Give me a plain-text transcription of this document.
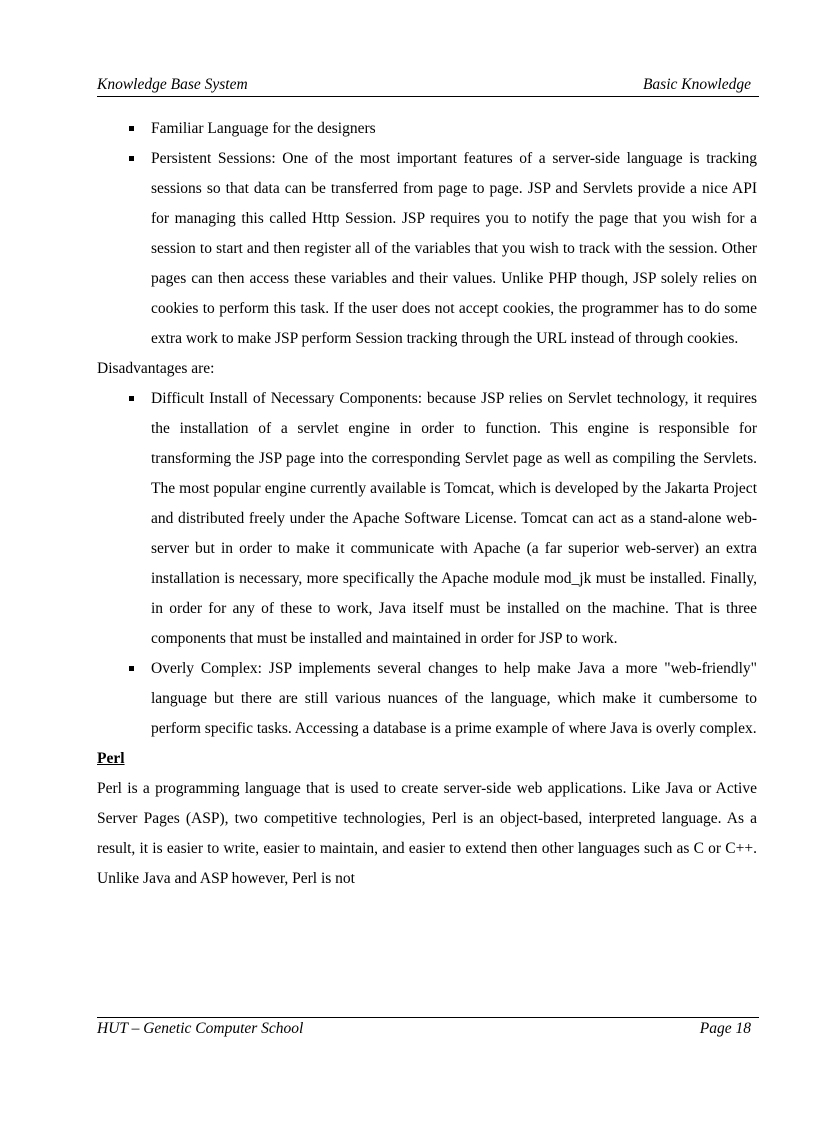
Knowledge Base System	Basic Knowledge
Familiar Language for the designers
Persistent Sessions: One of the most important features of a server-side language is tracking sessions so that data can be transferred from page to page. JSP and Servlets provide a nice API for managing this called Http Session. JSP requires you to notify the page that you wish for a session to start and then register all of the variables that you wish to track with the session. Other pages can then access these variables and their values. Unlike PHP though, JSP solely relies on cookies to perform this task. If the user does not accept cookies, the programmer has to do some extra work to make JSP perform Session tracking through the URL instead of through cookies.

Disadvantages are:

Difficult Install of Necessary Components: because JSP relies on Servlet technology, it requires the installation of a servlet engine in order to function. This engine is responsible for transforming the JSP page into the corresponding Servlet page as well as compiling the Servlets. The most popular engine currently available is Tomcat, which is developed by the Jakarta Project and distributed freely under the Apache Software License. Tomcat can act as a stand-alone web-server but in order to make it communicate with Apache (a far superior web-server) an extra installation is necessary, more specifically the Apache module mod_jk must be installed. Finally, in order for any of these to work, Java itself must be installed on the machine. That is three components that must be installed and maintained in order for JSP to work.
Overly Complex: JSP implements several changes to help make Java a more "web-friendly" language but there are still various nuances of the language, which make it cumbersome to perform specific tasks. Accessing a database is a prime example of where Java is overly complex.

Perl

Perl is a programming language that is used to create server-side web applications. Like Java or Active Server Pages (ASP), two competitive technologies, Perl is an object-based, interpreted language. As a result, it is easier to write, easier to maintain, and easier to extend then other languages such as C or C++. Unlike Java and ASP however, Perl is not

HUT – Genetic Computer School	Page 18
